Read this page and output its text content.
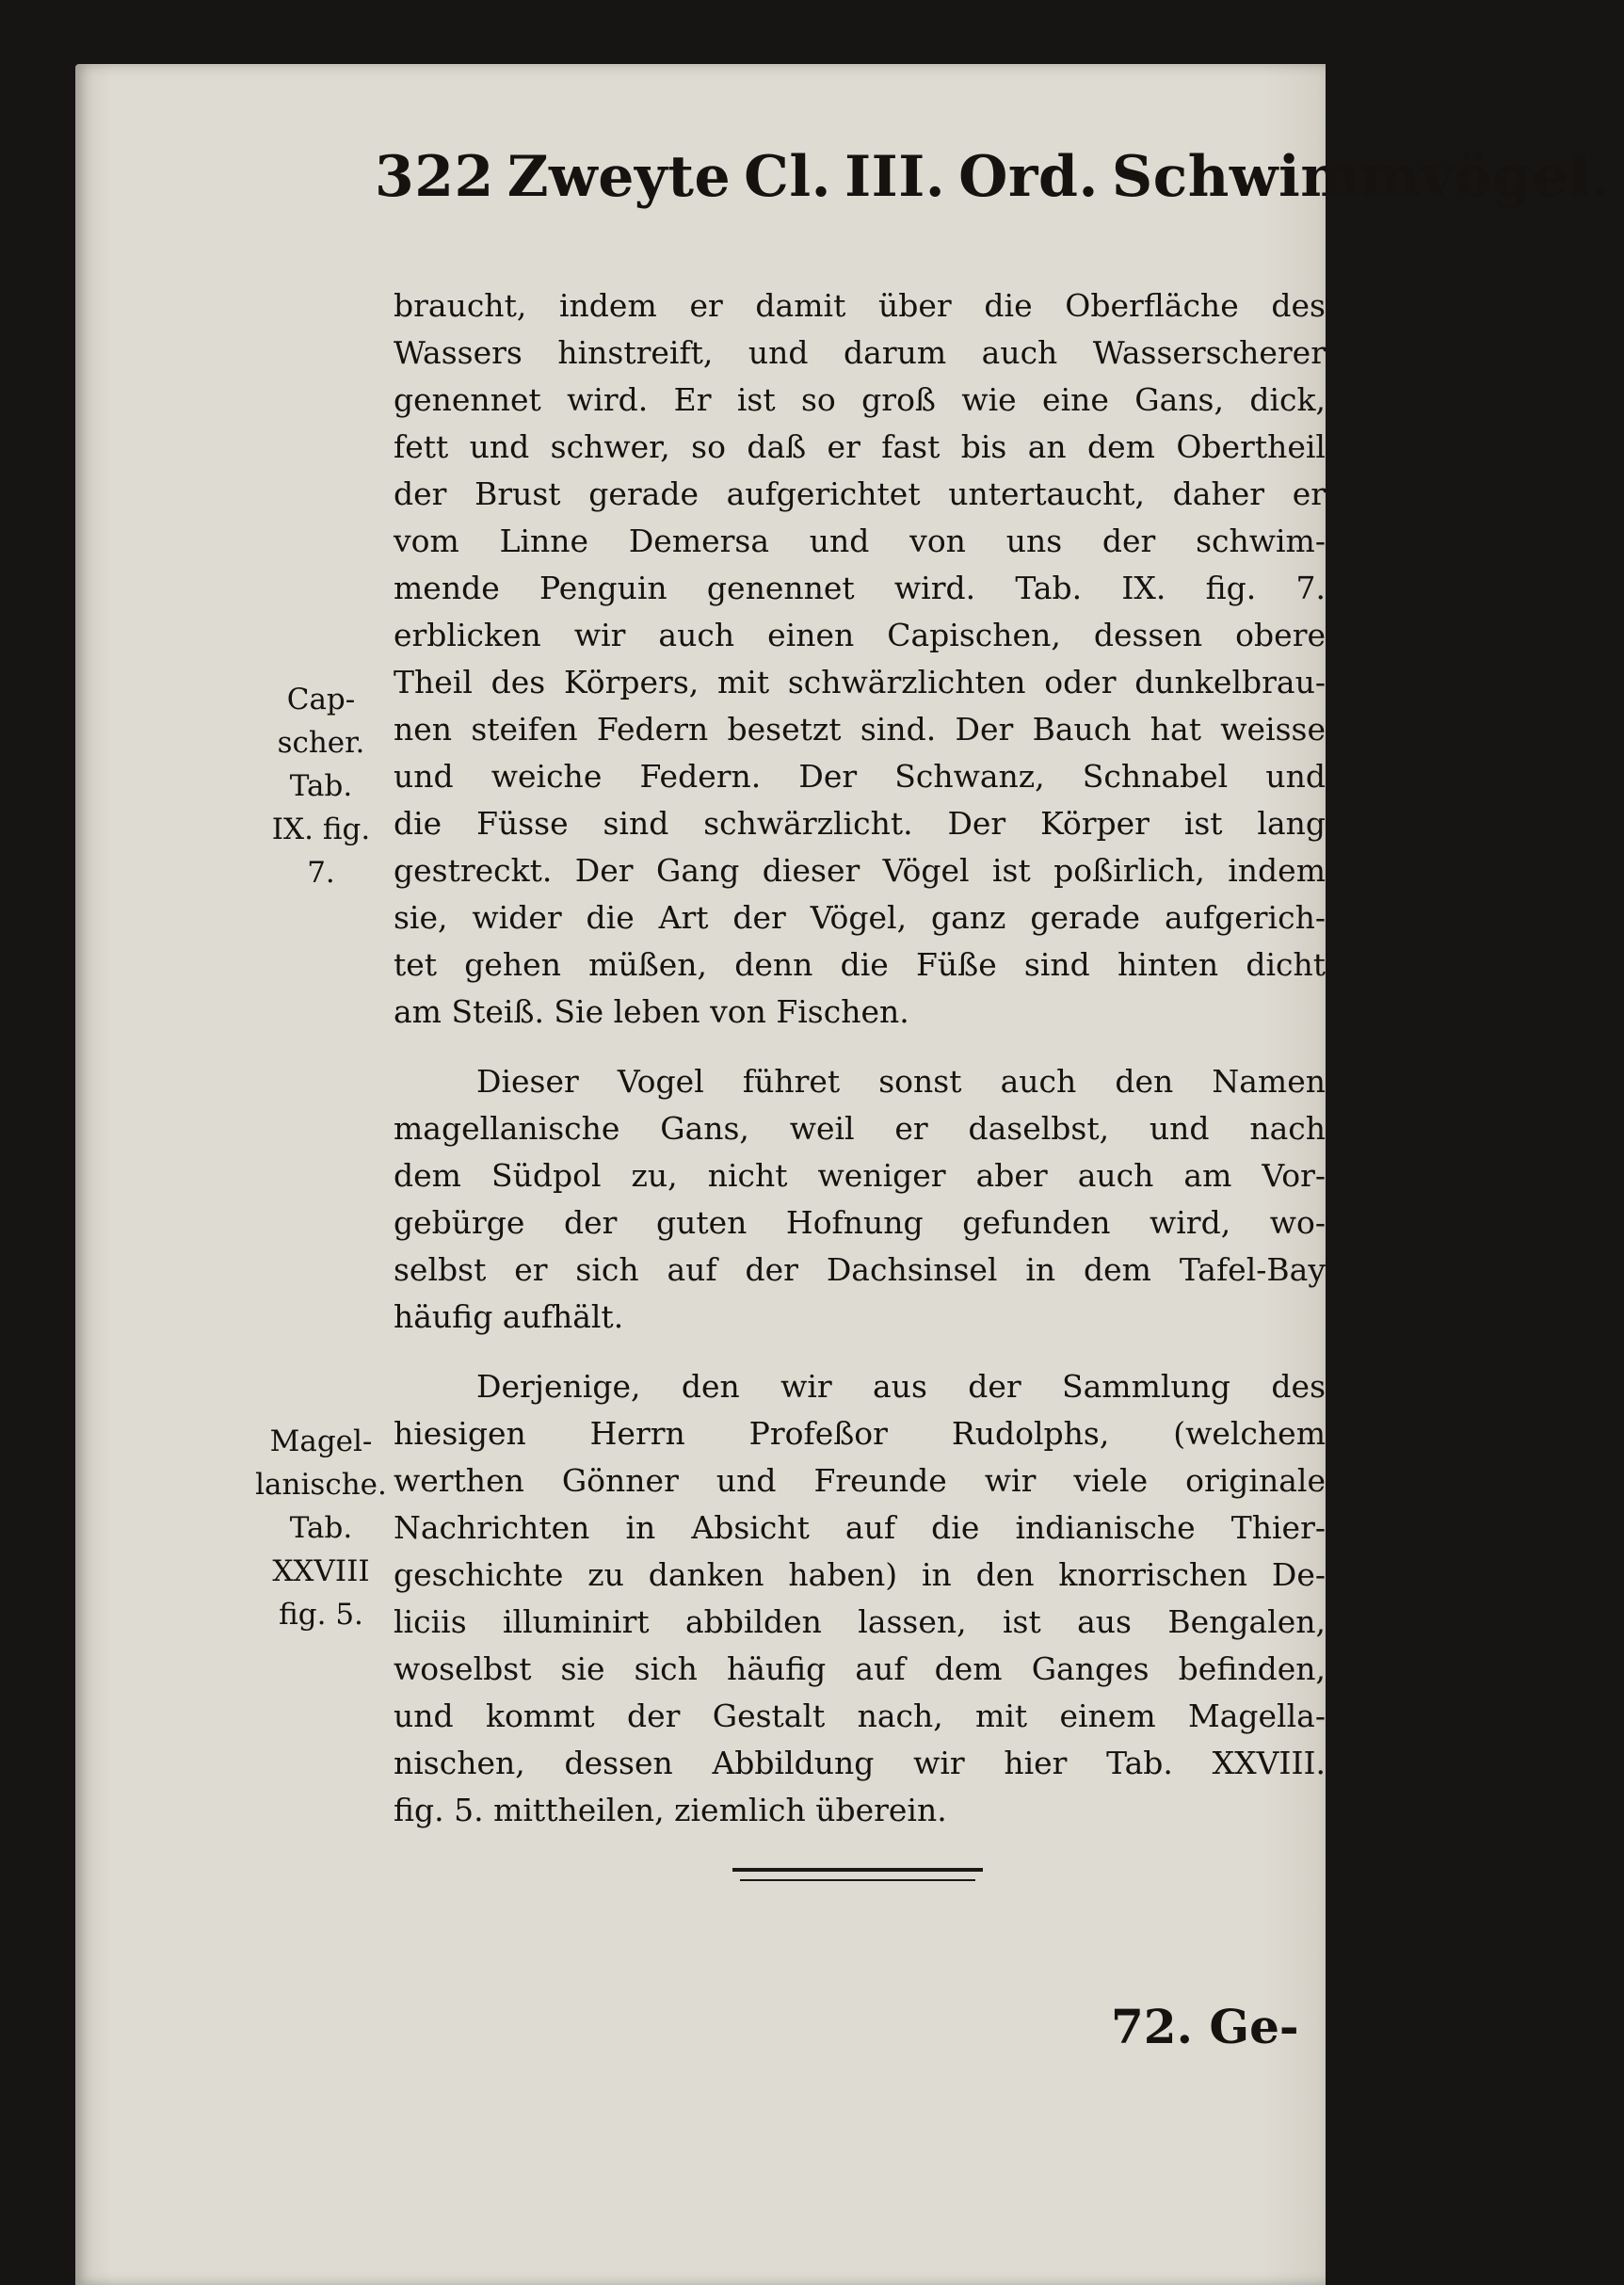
322 Zweyte Cl. III. Ord. Schwimmvögel.
braucht, indem er damit über die Oberfläche des
Wassers hinstreift, und darum auch Wasserscherer
genennet wird. Er ist so groß wie eine Gans, dick,
fett und schwer, so daß er fast bis an dem Obertheil
der Brust gerade aufgerichtet untertaucht, daher er
vom Linne Demersa und von uns der schwim-
mende Penguin genennet wird. Tab. IX. fig. 7.
erblicken wir auch einen Capischen, dessen obere
Theil des Körpers, mit schwärzlichten oder dunkelbrau-
nen steifen Federn besetzt sind. Der Bauch hat weisse
und weiche Federn. Der Schwanz, Schnabel und
die Füsse sind schwärzlicht. Der Körper ist lang
gestreckt. Der Gang dieser Vögel ist poßirlich, indem
sie, wider die Art der Vögel, ganz gerade aufgerich-
tet gehen müßen, denn die Füße sind hinten dicht
am Steiß. Sie leben von Fischen.
Dieser Vogel führet sonst auch den Namen
magellanische Gans, weil er daselbst, und nach
dem Südpol zu, nicht weniger aber auch am Vor-
gebürge der guten Hofnung gefunden wird, wo-
selbst er sich auf der Dachsinsel in dem Tafel-Bay
häufig aufhält.
Derjenige, den wir aus der Sammlung des
hiesigen Herrn Profeßor Rudolphs, (welchem
werthen Gönner und Freunde wir viele originale
Nachrichten in Absicht auf die indianische Thier-
geschichte zu danken haben) in den knorrischen De-
liciis illuminirt abbilden lassen, ist aus Bengalen,
woselbst sie sich häufig auf dem Ganges befinden,
und kommt der Gestalt nach, mit einem Magella-
nischen, dessen Abbildung wir hier Tab. XXVIII.
fig. 5. mittheilen, ziemlich überein.
Cap-
scher.
Tab.
IX. fig.
7.
Magel-
lanische.
Tab.
XXVIII
fig. 5.
72. Ge-
